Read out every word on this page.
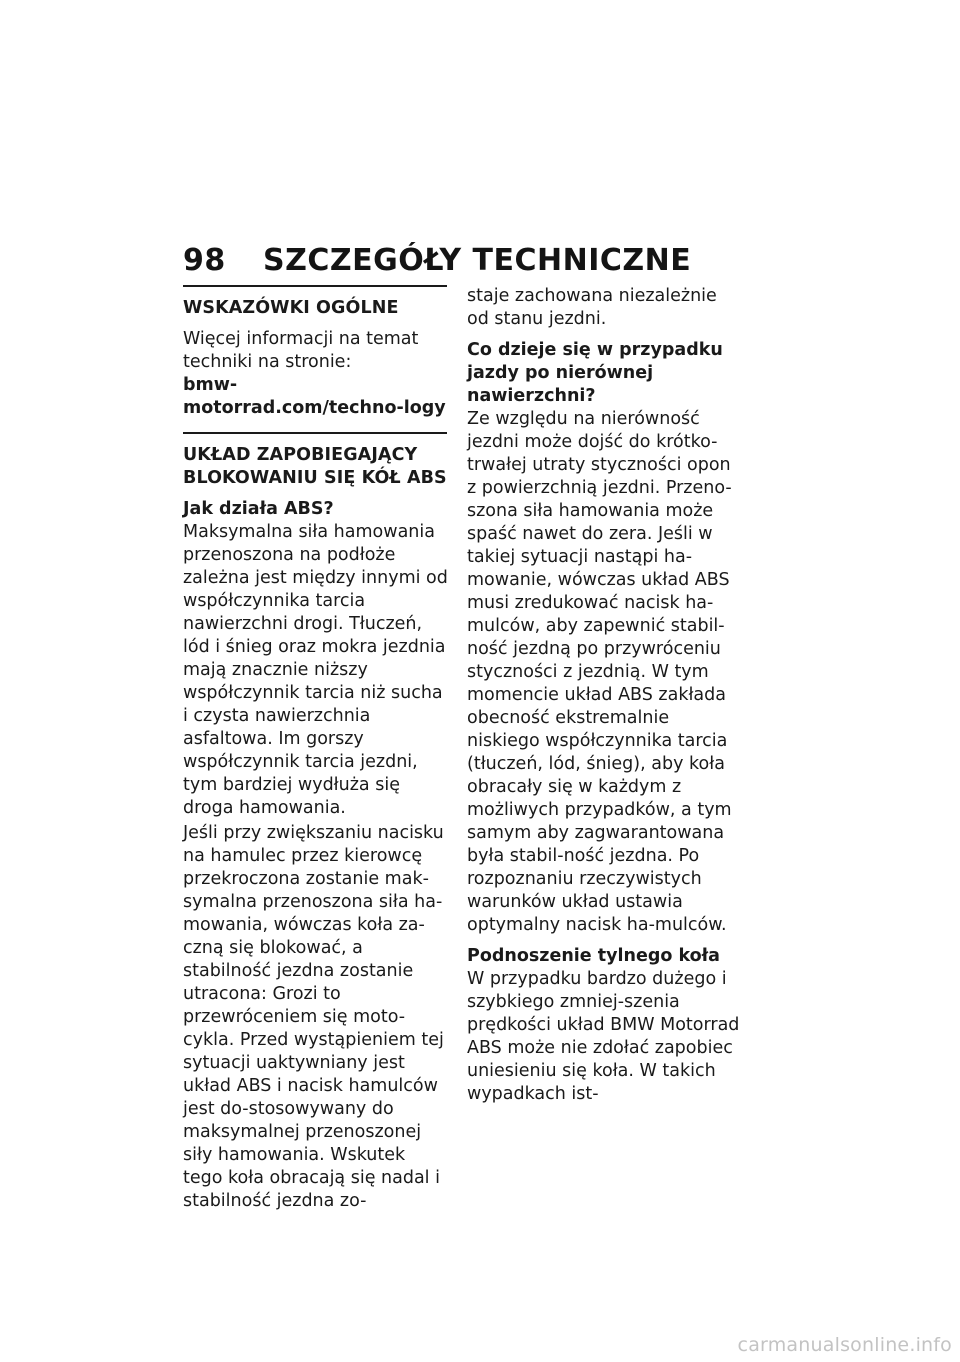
98 SZCZEGÓŁY TECHNICZNE
WSKAZÓWKI OGÓLNE
Więcej informacji na temat techniki na stronie:
bmw-motorrad.com/techno-logy
UKŁAD ZAPOBIEGAJĄCY BLOKOWANIU SIĘ KÓŁ ABS
Jak działa ABS?
Maksymalna siła hamowania przenoszona na podłoże zależna jest między innymi od współczynnika tarcia nawierzchni drogi. Tłuczeń, lód i śnieg oraz mokra jezdnia mają znacznie niższy współczynnik tarcia niż sucha i czysta nawierzchnia asfaltowa. Im gorszy współczynnik tarcia jezdni, tym bardziej wydłuża się droga hamowania.
Jeśli przy zwiększaniu nacisku na hamulec przez kierowcę przekroczona zostanie mak-symalna przenoszona siła ha-mowania, wówczas koła za-czną się blokować, a stabilność jezdna zostanie utracona: Grozi to przewróceniem się moto-cykla. Przed wystąpieniem tej sytuacji uaktywniany jest układ ABS i nacisk hamulców jest do-stosowywany do maksymalnej przenoszonej siły hamowania. Wskutek tego koła obracają się nadal i stabilność jezdna zo-
staje zachowana niezależnie od stanu jezdni.
Co dzieje się w przypadku jazdy po nierównej nawierzchni?
Ze względu na nierówność jezdni może dojść do krótko-trwałej utraty styczności opon z powierzchnią jezdni. Przeno-szona siła hamowania może spaść nawet do zera. Jeśli w takiej sytuacji nastąpi ha-mowanie, wówczas układ ABS musi zredukować nacisk ha-mulców, aby zapewnić stabil-ność jezdną po przywróceniu styczności z jezdnią. W tym momencie układ ABS zakłada obecność ekstremalnie niskiego współczynnika tarcia (tłuczeń, lód, śnieg), aby koła obracały się w każdym z możliwych przypadków, a tym samym aby zagwarantowana była stabil-ność jezdna. Po rozpoznaniu rzeczywistych warunków układ ustawia optymalny nacisk ha-mulców.
Podnoszenie tylnego koła
W przypadku bardzo dużego i szybkiego zmniej-szenia prędkości układ BMW Motorrad ABS może nie zdołać zapobiec uniesieniu się koła. W takich wypadkach ist-
carmanualsonline.info
